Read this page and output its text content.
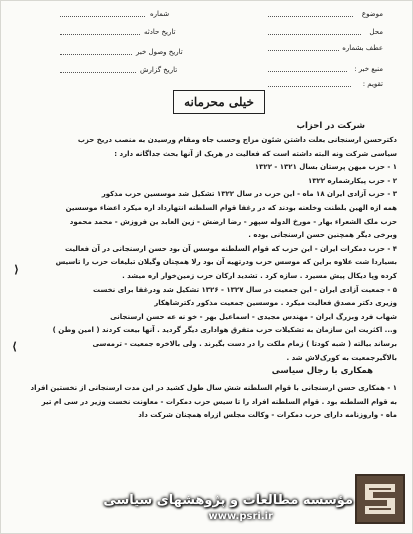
موضوع
محل
عطف بشماره
منبع خبر :
تقویم :
شماره
تاریخ حادثه
تاریخ وصول خبر
تاریخ گزارش
خیلی محرمانه
شرکت در احزاب
دکترحسن ارسنجانی بعلت داشتن شئون مزاج وحسب جاه ومقام ورسیدن به منصب دریخ حزب
سیاسی شرکت ونه البته داشته است که فعالیت در هریک از آنها بحث جداگانه دارد :
۱ - حزب میهن پرستان بسال ۱۳۲۱ - ۱۳۲۲
۲ - حزب پیکارشماره ۱۳۲۲
۳ - حزب آزادی ایران ۱۸ ماه - این حزب در سال ۱۳۲۲ تشکیل شد موسسین حزب مذکور
همه ازه الهین بلطنت وخلعنه بودند که در رغفا قوام السلطنه انتهارداد اره میکرد اعضاء موسسین
حزب ملک الشعراء بهار - مورخ الدوله سپهر - رضا ارضش - زین العابد ین فروزش - محمد محمود
وبرخی دیگر همچنین حسن ارسنجانی بوده .
۴ - حزب دمکرات ایران - این حزب که قوام السلطنه موسس آن بود حسن ارسنجانی در آن فعالیت
بسیاردا شت علاوه براین که موسس حزب ودرتهیه آن بود رلا همچنان وگیلان تبلیغات حزب را تاسیس
کرده وپا دیکال پیش مسیرد . سازه کرد . تشدید ارکان حزب زمین‌خوار اره میشد .
۵ - جمعیت آزادی ایران - این جمعیت در سال ۱۳۲۷ - ۱۳۲۶ تشکیل شد ودرغفا برای نخست
وزیری دکتر مصدق فعالیت میکرد . موسسین جمعیت مذکور دکترشاهکار
شهاب فرد وبزرگ ایران - مهندس مجیدی - اسماعیل بهر - خو نه عه حسن ارسنجانی
و... اکثریت این سازمان به تشکیلات حزب متفرق هواداری دیگر گردید . آنها بیعت کردند ( امین وطن )
برساند بیالته ( شبه کودتا ) زمام ملکت را در دست بگیرند . ولی بالاخره جمعیت - ترمه‌سی
بالاگیرجمعیت به کورک‌لاش شد .
⟩
⟨
همکاری با رجال سیاسی
۱ - همکاری حسن ارسنجانی با قوام السلطنه شش سال طول کشید در این مدت ارسنجانی از نخستین افراد
به قوام السلطنه بود . قوام السلطنه افراد را تا سیس حزب دمکرات - معاونت نخست وزیر در سی ام تیر
ماه - واروزنامه دارای حزب دمکرات - وکالت مجلس ازراه همچنان شرکت داد
مؤسسه مطالعات و پژوهشهای سیاسی
www.psri.ir
